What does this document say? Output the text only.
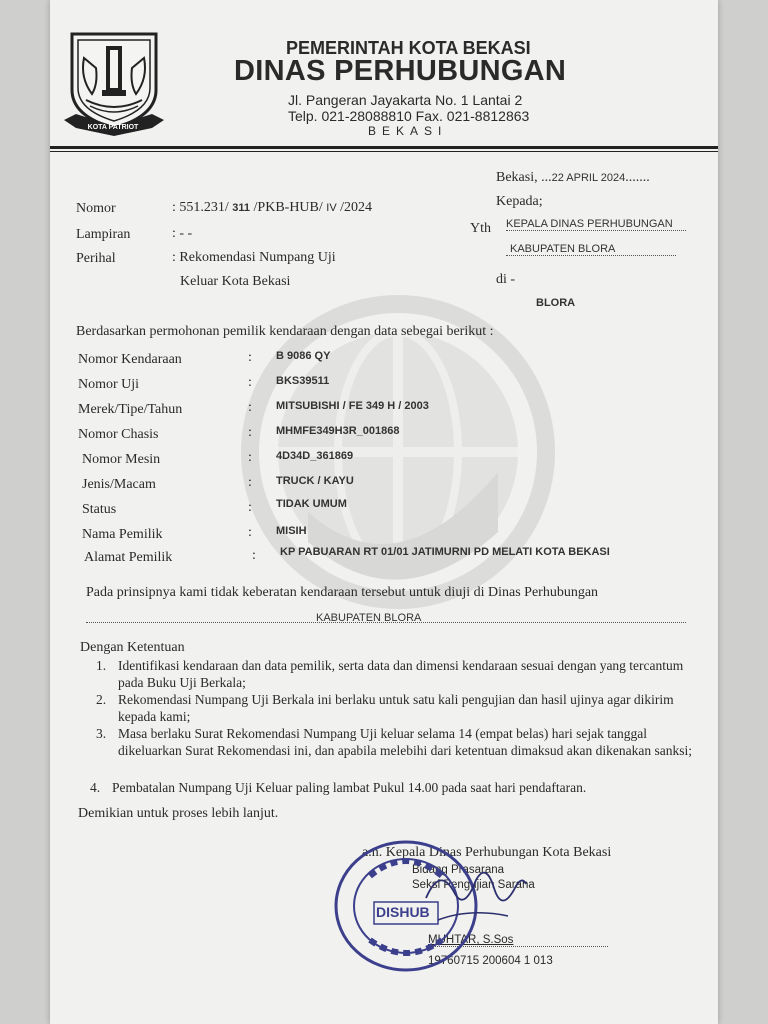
KOTA PATRIOT
PEMERINTAH KOTA BEKASI
DINAS PERHUBUNGAN
Jl. Pangeran Jayakarta No. 1 Lantai 2
Telp. 021-28088810 Fax. 021-8812863
BEKASI
Bekasi, ...22 APRIL 2024.......
Kepada;
Yth KEPALA DINAS PERHUBUNGAN
KABUPATEN BLORA
di -
BLORA
Nomor	: 551.231/ 311 /PKB-HUB/ IV /2024
Lampiran	: - -
Perihal	: Rekomendasi Numpang Uji
Keluar Kota Bekasi
Berdasarkan permohonan pemilik kendaraan dengan data sebegai berikut :
Nomor Kendaraan	: B 9086 QY
Nomor Uji	: BKS39511
Merek/Tipe/Tahun	: MITSUBISHI / FE 349 H / 2003
Nomor Chasis	: MHMFE349H3R_001868
Nomor Mesin	: 4D34D_361869
Jenis/Macam	: TRUCK / KAYU
Status	: TIDAK UMUM
Nama Pemilik	: MISIH
Alamat Pemilik	: KP PABUARAN RT 01/01 JATIMURNI PD MELATI KOTA BEKASI
Pada prinsipnya kami tidak keberatan kendaraan tersebut untuk diuji di Dinas Perhubungan
KABUPATEN BLORA
Dengan Ketentuan
1. Identifikasi kendaraan dan data pemilik, serta data dan dimensi kendaraan sesuai dengan yang tercantum pada Buku Uji Berkala;
2. Rekomendasi Numpang Uji Berkala ini berlaku untuk satu kali pengujian dan hasil ujinya agar dikirim kepada kami;
3. Masa berlaku Surat Rekomendasi Numpang Uji keluar selama 14 (empat belas) hari sejak tanggal dikeluarkan Surat Rekomendasi ini, dan apabila melebihi dari ketentuan dimaksud akan dikenakan sanksi;
4. Pembatalan Numpang Uji Keluar paling lambat Pukul 14.00 pada saat hari pendaftaran.
Demikian untuk proses lebih lanjut.
a.n. Kepala Dinas Perhubungan Kota Bekasi
Bidang Prasarana
Seksi Pengujian Sarana
MUHTAR, S.Sos
19760715 200604 1 013
DISHUB
